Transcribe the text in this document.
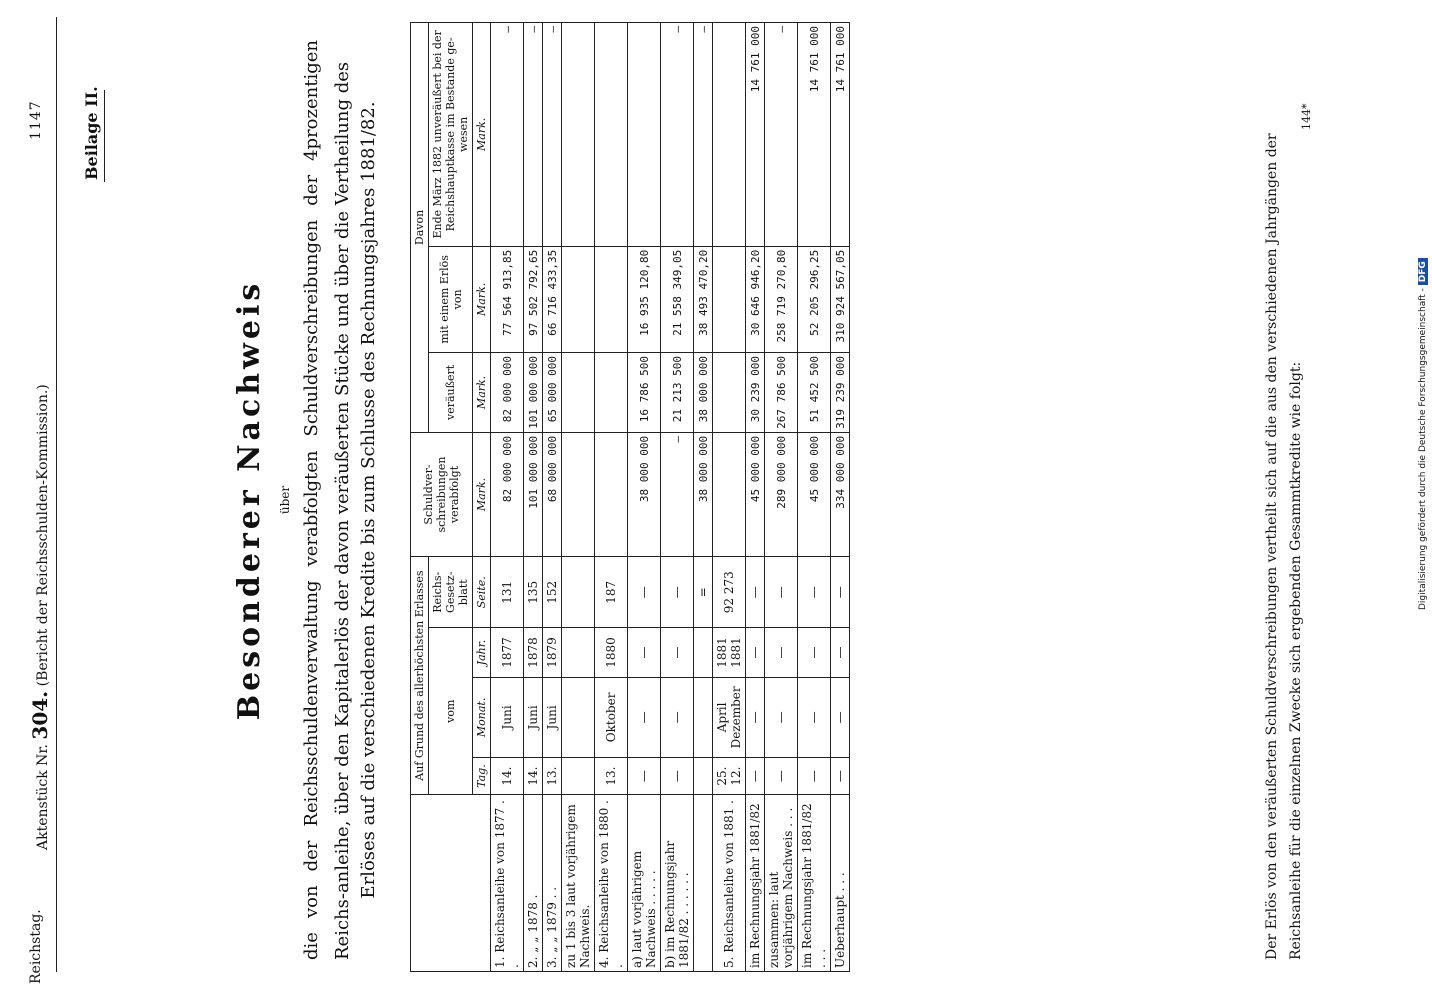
Reichstag.
Aktenstück Nr. 304. (Bericht der Reichsschulden-Kommission.)
1147 Beilage II.
Besonderer Nachweis über die von der Reichsschuldenverwaltung verabfolgten Schuldverschreibungen der 4prozentigen Reichs-anleihe, über den Kapitalerlös der davon veräußerten Stücke und über die Vertheilung des Erlöses auf die verschiedenen Kredite bis zum Schlusse des Rechnungsjahres 1881/82.
		Auf Grund des allerhöchsten Erlasses				Schuldver-schreibungen verabfolgt	Davon		
	vom			Reichs-Gesetz-blatt		veräußert	mit einem Erlös von	Ende März 1882 unveräußert bei der Reichshauptkasse im Bestande ge-wesen
	Tag.	Monat.	Jahr.	Seite.	Mark.	Mark.	Mark.	Mark.
1. Reichsanleihe von 1877 . .	14.	Juni	1877	131	82 000 000	82 000 000	77 564 913,85	—
2. „ „ 1878 .	14.	Juni	1878	135	101 000 000	101 000 000	97 502 792,65	—
3. „ „ 1879 . .	13.	Juni	1879	152	68 000 000	65 000 000	66 716 433,35	—
zu 1 bis 3 laut vorjährigem Nachweis.								
4. Reichsanleihe von 1880 . .	13.	Oktober	1880	187				
a) laut vorjährigem Nachweis . . . . .	—	—	—	—	38 000 000	16 786 500	16 935 120,80	
b) im Rechnungsjahr 1881/82 . . . . . .	—	—	—	—	—	21 213 500	21 558 349,05	—
				=	38 000 000	38 000 000	38 493 470,20	—
5. Reichsanleihe von 1881 .	25. 12.	April Dezember	1881 1881	92 273				
im Rechnungsjahr 1881/82	—	—	—	—	45 000 000	30 239 000	30 646 946,20	14 761 000
zusammen: laut vorjährigem Nachweis . . .	—	—	—	—	289 000 000	267 786 500	258 719 270,80	—
im Rechnungsjahr 1881/82 . . .	—	—	—	—	45 000 000	51 452 500	52 205 296,25	14 761 000
Ueberhaupt . . .	—	—	—	—	334 000 000	319 239 000	310 924 567,05	14 761 000
Der Erlös von den veräußerten Schuldverschreibungen vertheilt sich auf die aus den verschiedenen Jahrgängen der Reichsanleihe für die einzelnen Zwecke sich ergebenden Gesammtkredite wie folgt:
144*
Digitalisierung gefördert durch die Deutsche Forschungsgemeinschaft - DFG
